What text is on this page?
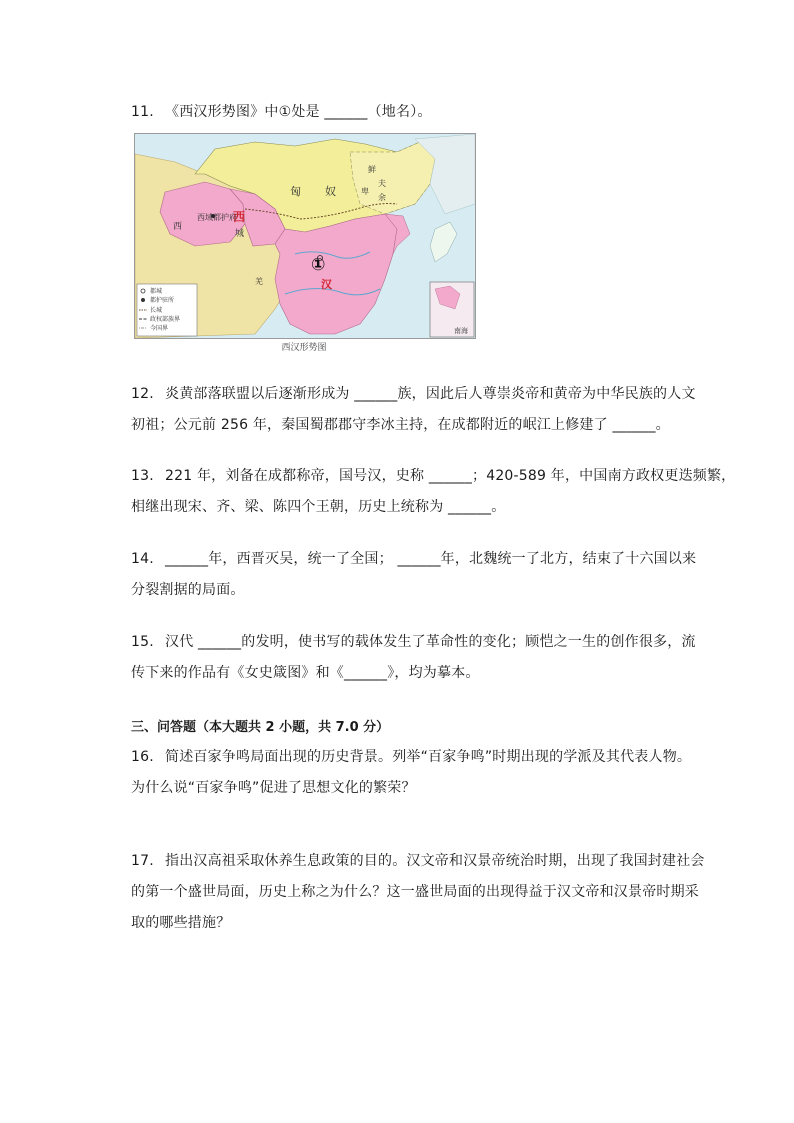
11. 《西汉形势图》中①处是 ______（地名）。

匈 奴
鲜
卑
夫
余
西
城
西
西域都护府
汉
羌
①
南海
都城
都护驻所
长城
政权部族界
今国界
西汉形势图

12. 炎黄部落联盟以后逐渐形成为 ______族，因此后人尊崇炎帝和黄帝为中华民族的人文

初祖；公元前 256 年，秦国蜀郡郡守李冰主持，在成都附近的岷江上修建了 ______。

13. 221 年，刘备在成都称帝，国号汉，史称 ______；420-589 年，中国南方政权更迭频繁，

相继出现宋、齐、梁、陈四个王朝，历史上统称为 ______。

14. ______年，西晋灭吴，统一了全国； ______年，北魏统一了北方，结束了十六国以来

分裂割据的局面。

15. 汉代 ______的发明，使书写的载体发生了革命性的变化；顾恺之一生的创作很多，流

传下来的作品有《女史箴图》和《______》，均为摹本。

三、问答题（本大题共 2 小题，共 7.0 分）

16. 简述百家争鸣局面出现的历史背景。列举“百家争鸣”时期出现的学派及其代表人物。

为什么说“百家争鸣”促进了思想文化的繁荣？

17. 指出汉高祖采取休养生息政策的目的。汉文帝和汉景帝统治时期，出现了我国封建社会

的第一个盛世局面，历史上称之为什么？这一盛世局面的出现得益于汉文帝和汉景帝时期采

取的哪些措施？
